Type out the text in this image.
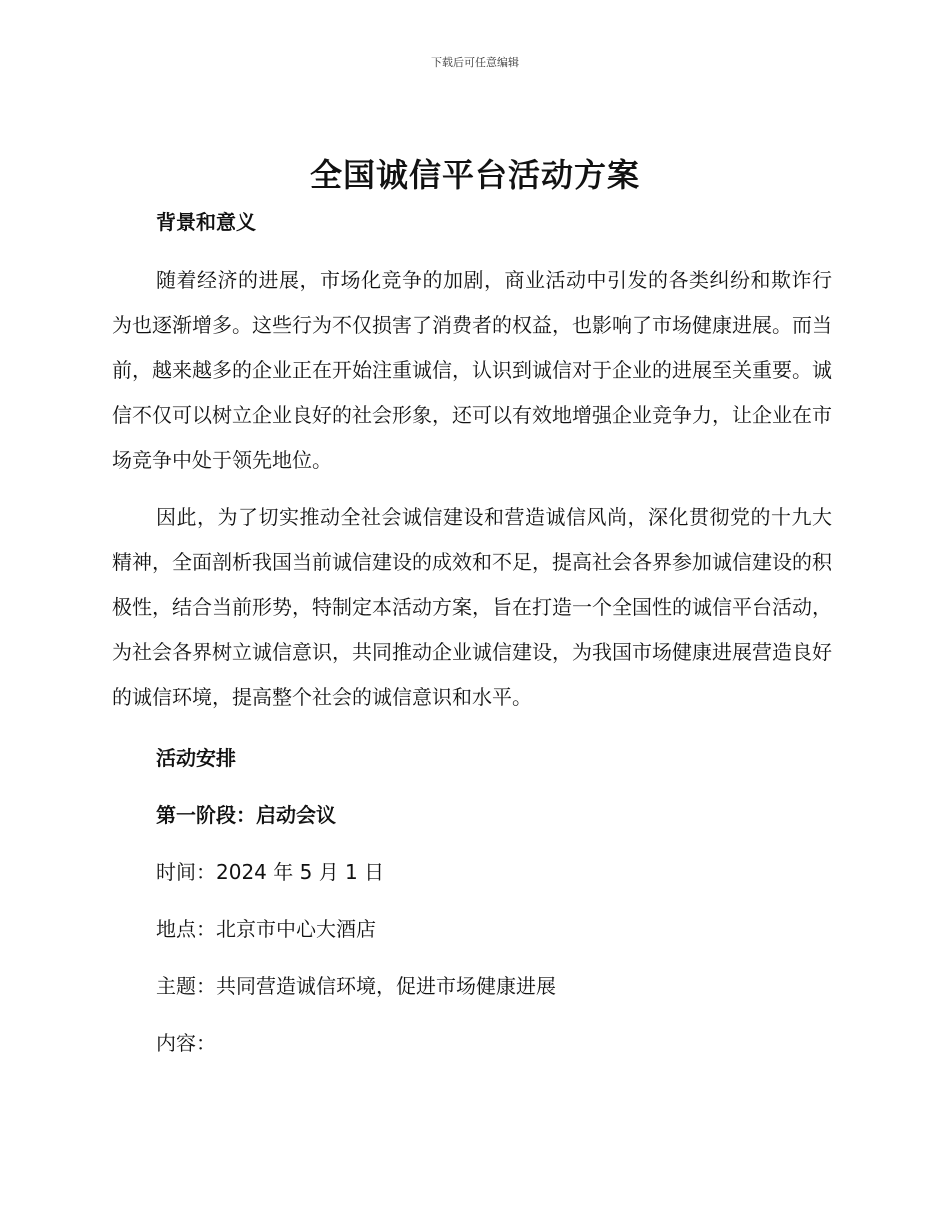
下载后可任意编辑
全国诚信平台活动方案

背景和意义

随着经济的进展，市场化竞争的加剧，商业活动中引发的各类纠纷和欺诈行为也逐渐增多。这些行为不仅损害了消费者的权益，也影响了市场健康进展。而当前，越来越多的企业正在开始注重诚信，认识到诚信对于企业的进展至关重要。诚信不仅可以树立企业良好的社会形象，还可以有效地增强企业竞争力，让企业在市场竞争中处于领先地位。

因此，为了切实推动全社会诚信建设和营造诚信风尚，深化贯彻党的十九大精神，全面剖析我国当前诚信建设的成效和不足，提高社会各界参加诚信建设的积极性，结合当前形势，特制定本活动方案，旨在打造一个全国性的诚信平台活动，为社会各界树立诚信意识，共同推动企业诚信建设，为我国市场健康进展营造良好的诚信环境，提高整个社会的诚信意识和水平。

活动安排

第一阶段：启动会议

时间：2024 年 5 月 1 日

地点：北京市中心大酒店

主题：共同营造诚信环境，促进市场健康进展

内容：
